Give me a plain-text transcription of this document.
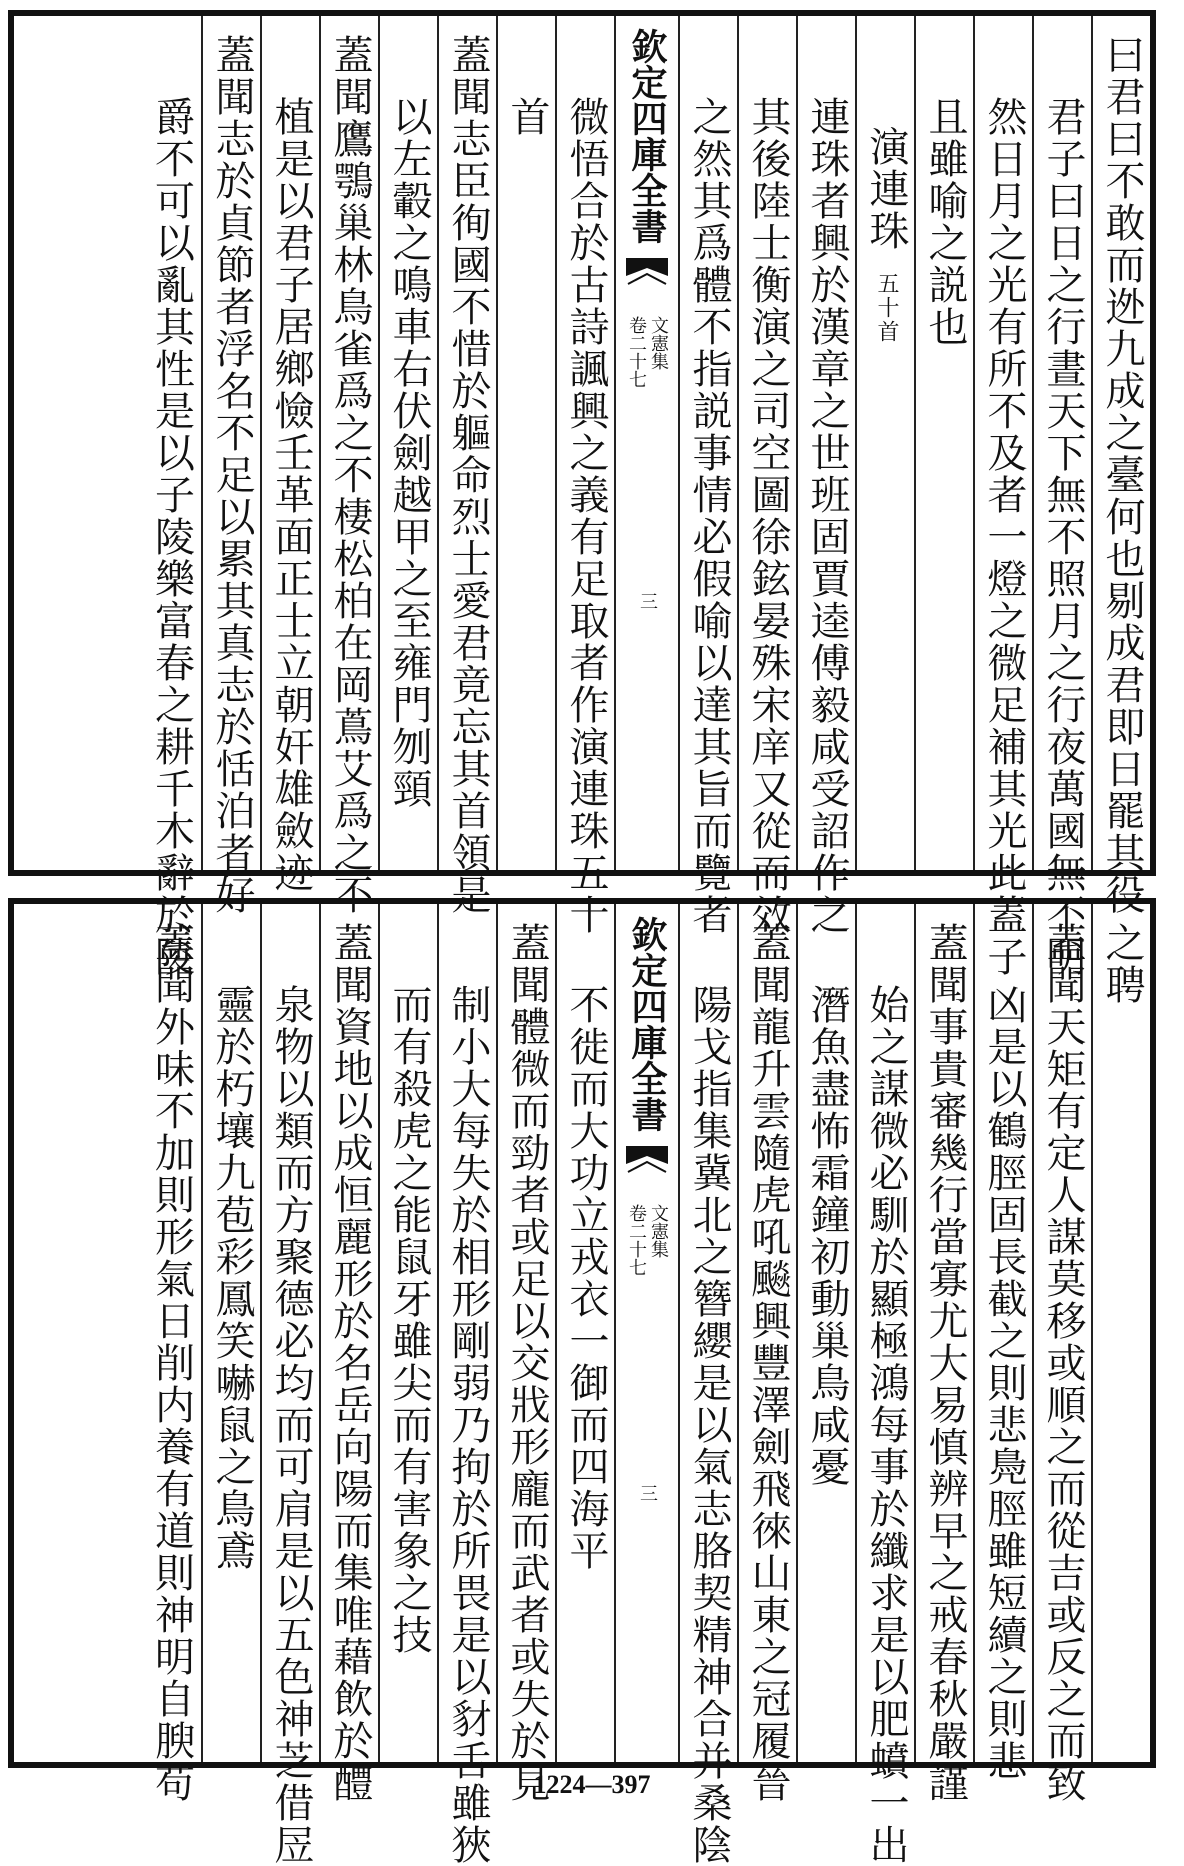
曰君曰不敢而迯九成之臺何也剔成君即日罷其役
君子曰日之行晝天下無不照月之行夜萬國無不明
然日月之光有所不及者一燈之微足補其光此蓋子
且雖喻之説也
演連珠五十首
連珠者興於漢章之世班固賈逵傅毅咸受詔作之
其後陸士衡演之司空圖徐鉉晏殊宋庠又從而效
之然其爲體不指説事情必假喻以達其旨而覽者
欽定四庫全書
文憲集
卷二十七
三
微悟合於古詩諷興之義有足取者作演連珠五十
首
蓋聞志臣徇國不惜於軀命烈士愛君竟忘其首領是
以左轂之鳴車右伏劍越甲之至雍門刎頸
蓋聞鷹鶚巢林鳥雀爲之不棲松柏在岡蔦艾爲之不
植是以君子居鄉憸壬革面正士立朝奸雄斂迹
蓋聞志於貞節者浮名不足以累其真志於恬泊者好
爵不可以亂其性是以子陵樂富春之耕千木辭於陵	之聘
蓋聞天矩有定人謀莫移或順之而從吉或反之而致
凶是以鶴脛固長截之則悲鳧脛雖短續之則悲
蓋聞事貴審幾行當寡尤大易慎辨早之戒春秋嚴謹
始之謀微必馴於顯極鴻每事於纖求是以肥蟦一出
潛魚盡怖霜鐘初動巢鳥咸憂
蓋聞龍升雲隨虎吼飈興豐澤劍飛徠山東之冠履晉
陽戈指集冀北之簪纓是以氣志胳契精神合并桑陰
欽定四庫全書
文憲集
卷二十七
三
不徙而大功立戎衣一御而四海平
蓋聞體微而勁者或足以交戕形龐而武者或失於見
制小大每失於相形剛弱乃拘於所畏是以豺舌雖狹
而有殺虎之能鼠牙雖尖而有害象之技
蓋聞資地以成恒麗形於名岳向陽而集唯藉飲於醴
泉物以類而方聚德必均而可肩是以五色神芝借㞐
靈於朽壤九苞彩鳳笑嚇鼠之鳥鳶
蓋聞外味不加則形氣日削内養有道則神明自腴苟	1224—397
